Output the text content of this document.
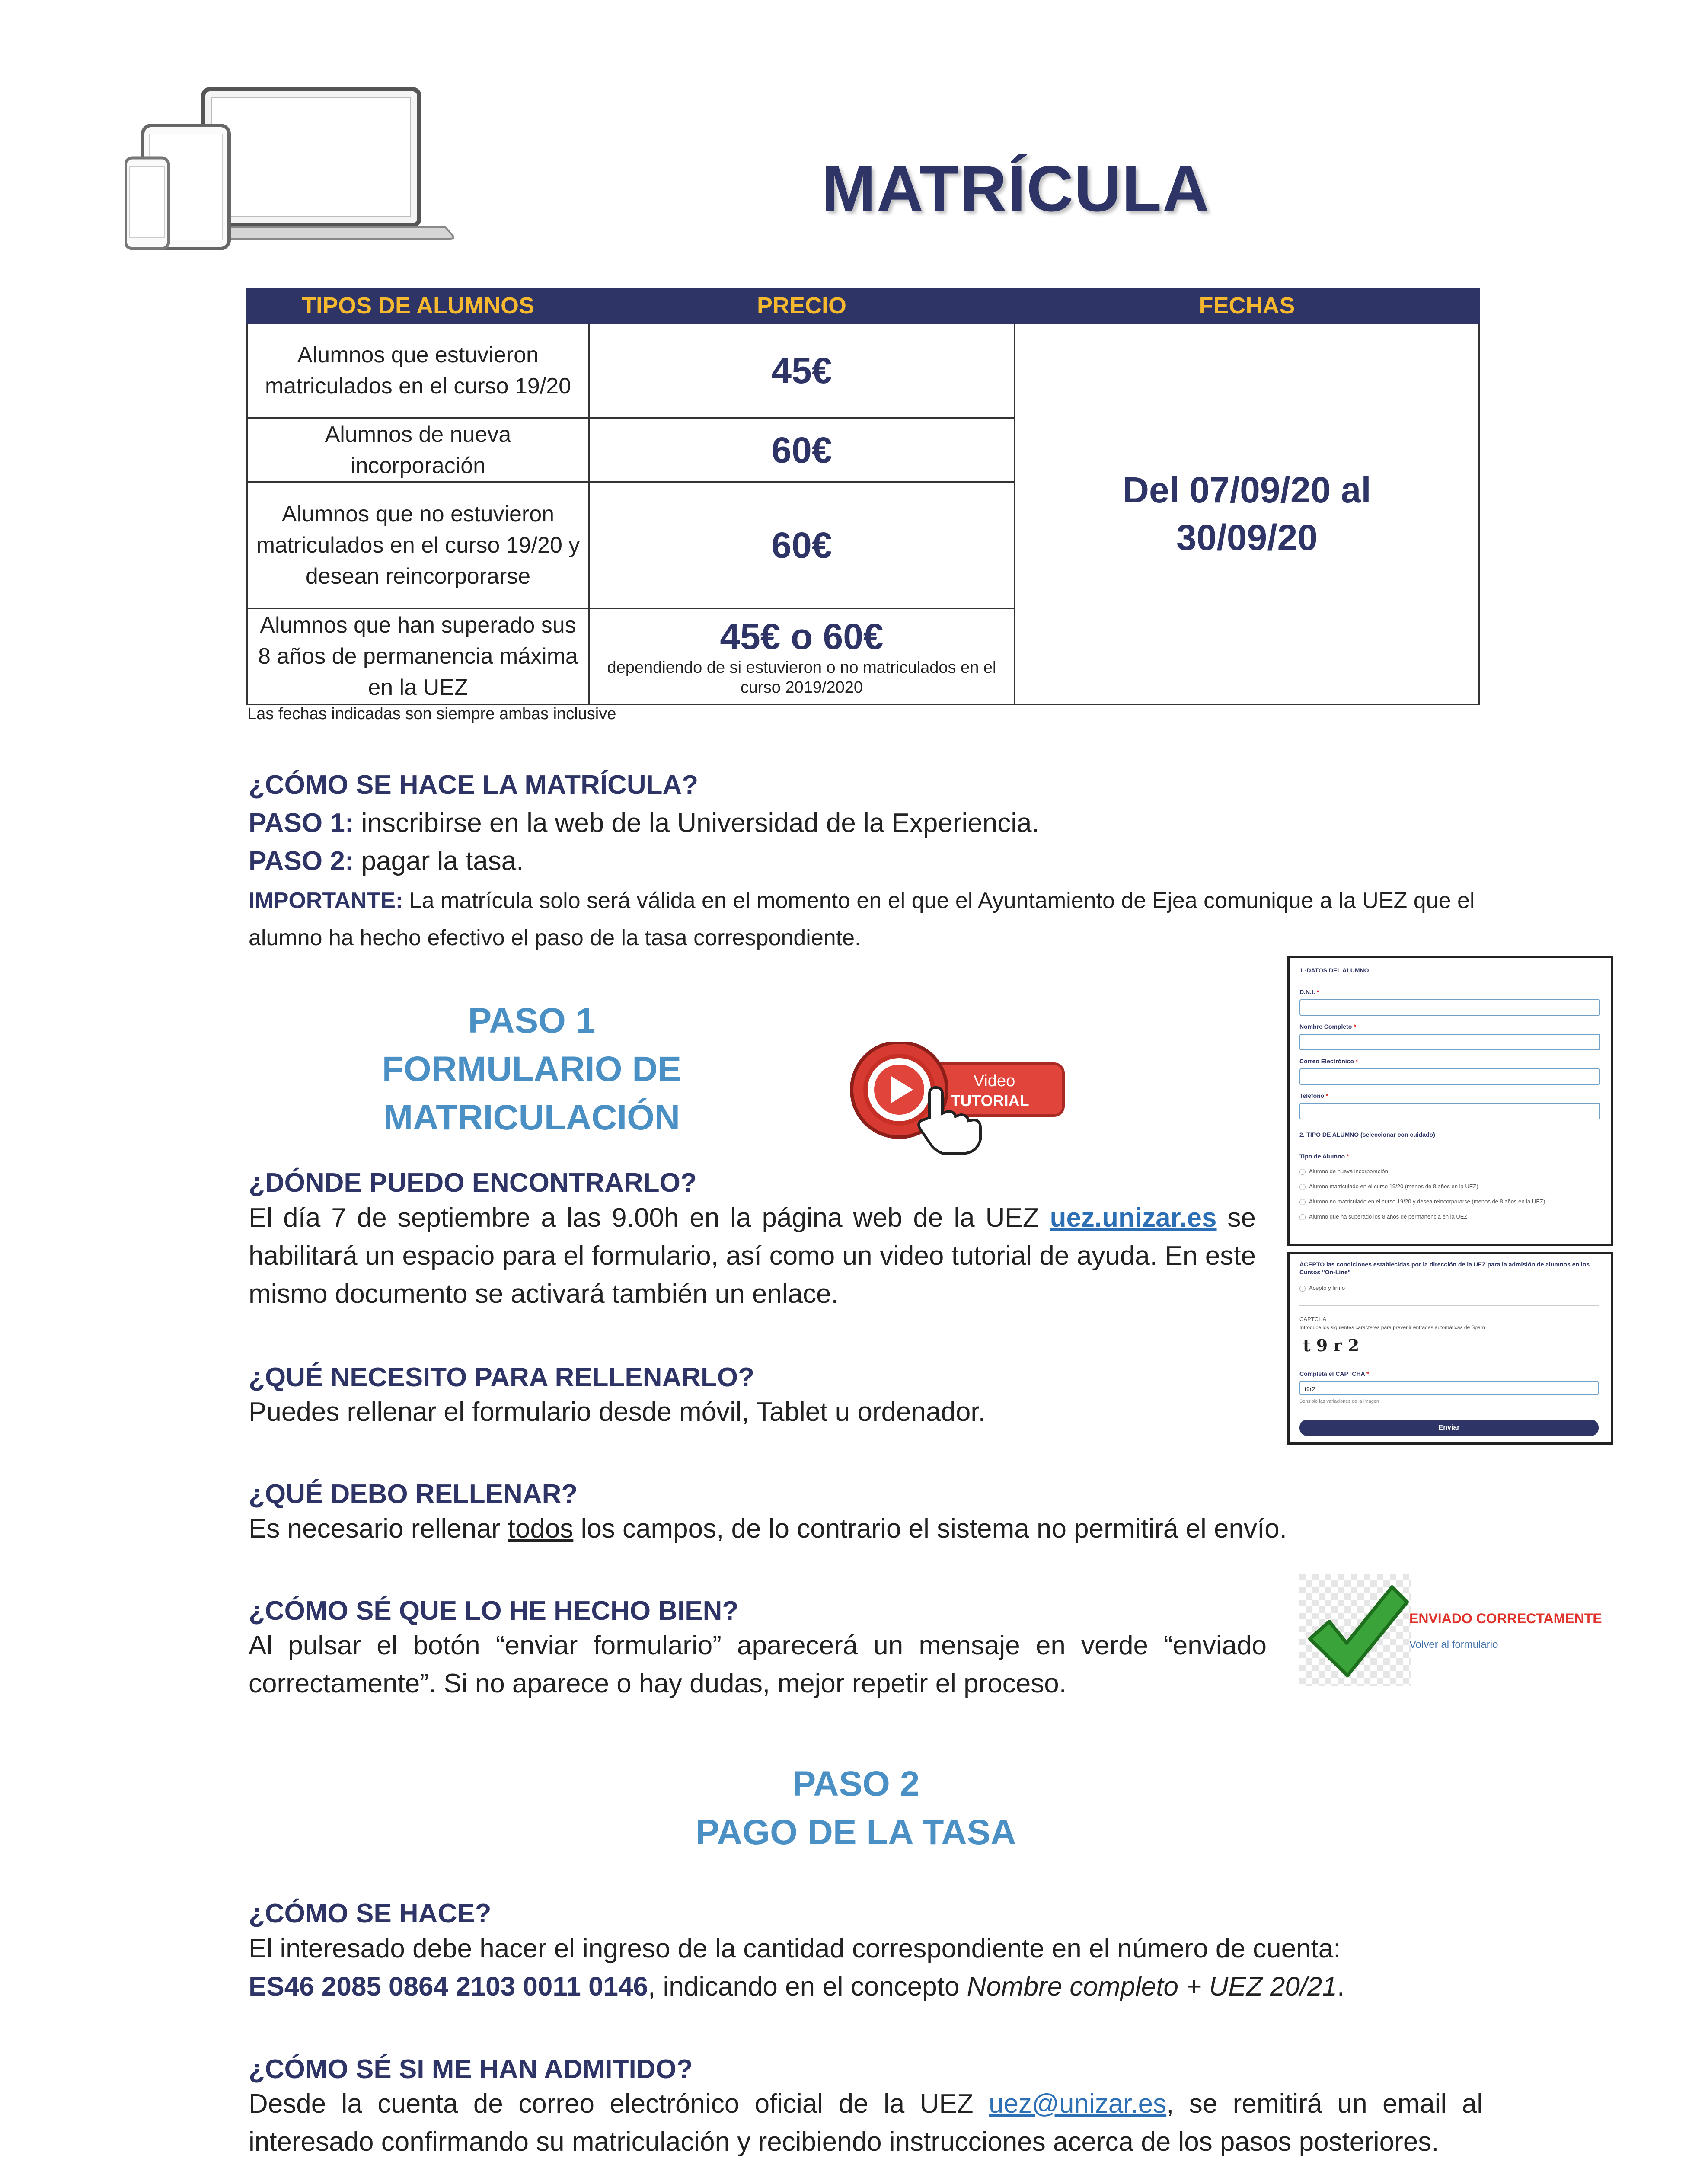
MATRÍCULA
TIPOS DE ALUMNOS	PRECIO	FECHAS
Alumnos que estuvieron matriculados en el curso 19/20	45€	Del 07/09/20 al 30/09/20

Alumnos de nueva incorporación	60€	
Alumnos que no estuvieron matriculados en el curso 19/20 y desean reincorporarse	60€	
Alumnos que han superado sus 8 años de permanencia máxima en la UEZ	45€ o 60€
dependiendo de si estuvieron o no matriculados en el curso 2019/2020	
Las fechas indicadas son siempre ambas inclusive
¿CÓMO SE HACE LA MATRÍCULA?
PASO 1: inscribirse en la web de la Universidad de la Experiencia.
PASO 2: pagar la tasa.
IMPORTANTE: La matrícula solo será válida en el momento en el que el Ayuntamiento de Ejea comunique a la UEZ que el alumno ha hecho efectivo el paso de la tasa correspondiente.
PASO 1
FORMULARIO DE
MATRICULACIÓN
Video
TUTORIAL
1.-DATOS DEL ALUMNO
D.N.I. *
Nombre Completo *
Correo Electrónico *
Teléfono *
2.-TIPO DE ALUMNO (seleccionar con cuidado)
Tipo de Alumno *
Alumno de nueva incorporación
Alumno matriculado en el curso 19/20 (menos de 8 años en la UEZ)
Alumno no matriculado en el curso 19/20 y desea reincorporarse (menos de 8 años en la UEZ)
Alumno que ha superado los 8 años de permanencia en la UEZ
ACEPTO las condiciones establecidas por la dirección de la UEZ para la admisión de alumnos en los Cursos "On-Line"
Acepto y firmo
CAPTCHA
Introduce los siguientes caracteres para prevenir entradas automáticas de Spam
t 9 r 2
Completa el CAPTCHA *
t9r2
Sensible las variaciones de la imagen
Enviar
¿DÓNDE PUEDO ENCONTRARLO?
El día 7 de septiembre a las 9.00h en la página web de la UEZ uez.unizar.es se habilitará un espacio para el formulario, así como un video tutorial de ayuda. En este mismo documento se activará también un enlace.
¿QUÉ NECESITO PARA RELLENARLO?
Puedes rellenar el formulario desde móvil, Tablet u ordenador.
¿QUÉ DEBO RELLENAR?
Es necesario rellenar todos los campos, de lo contrario el sistema no permitirá el envío.
¿CÓMO SÉ QUE LO HE HECHO BIEN?
Al pulsar el botón “enviar formulario” aparecerá un mensaje en verde “enviado correctamente”. Si no aparece o hay dudas, mejor repetir el proceso.
ENVIADO CORRECTAMENTE
Volver al formulario
PASO 2
PAGO DE LA TASA
¿CÓMO SE HACE?
El interesado debe hacer el ingreso de la cantidad correspondiente en el número de cuenta:
ES46 2085 0864 2103 0011 0146, indicando en el concepto Nombre completo + UEZ 20/21.
¿CÓMO SÉ SI ME HAN ADMITIDO?
Desde la cuenta de correo electrónico oficial de la UEZ uez@unizar.es, se remitirá un email al interesado confirmando su matriculación y recibiendo instrucciones acerca de los pasos posteriores.
